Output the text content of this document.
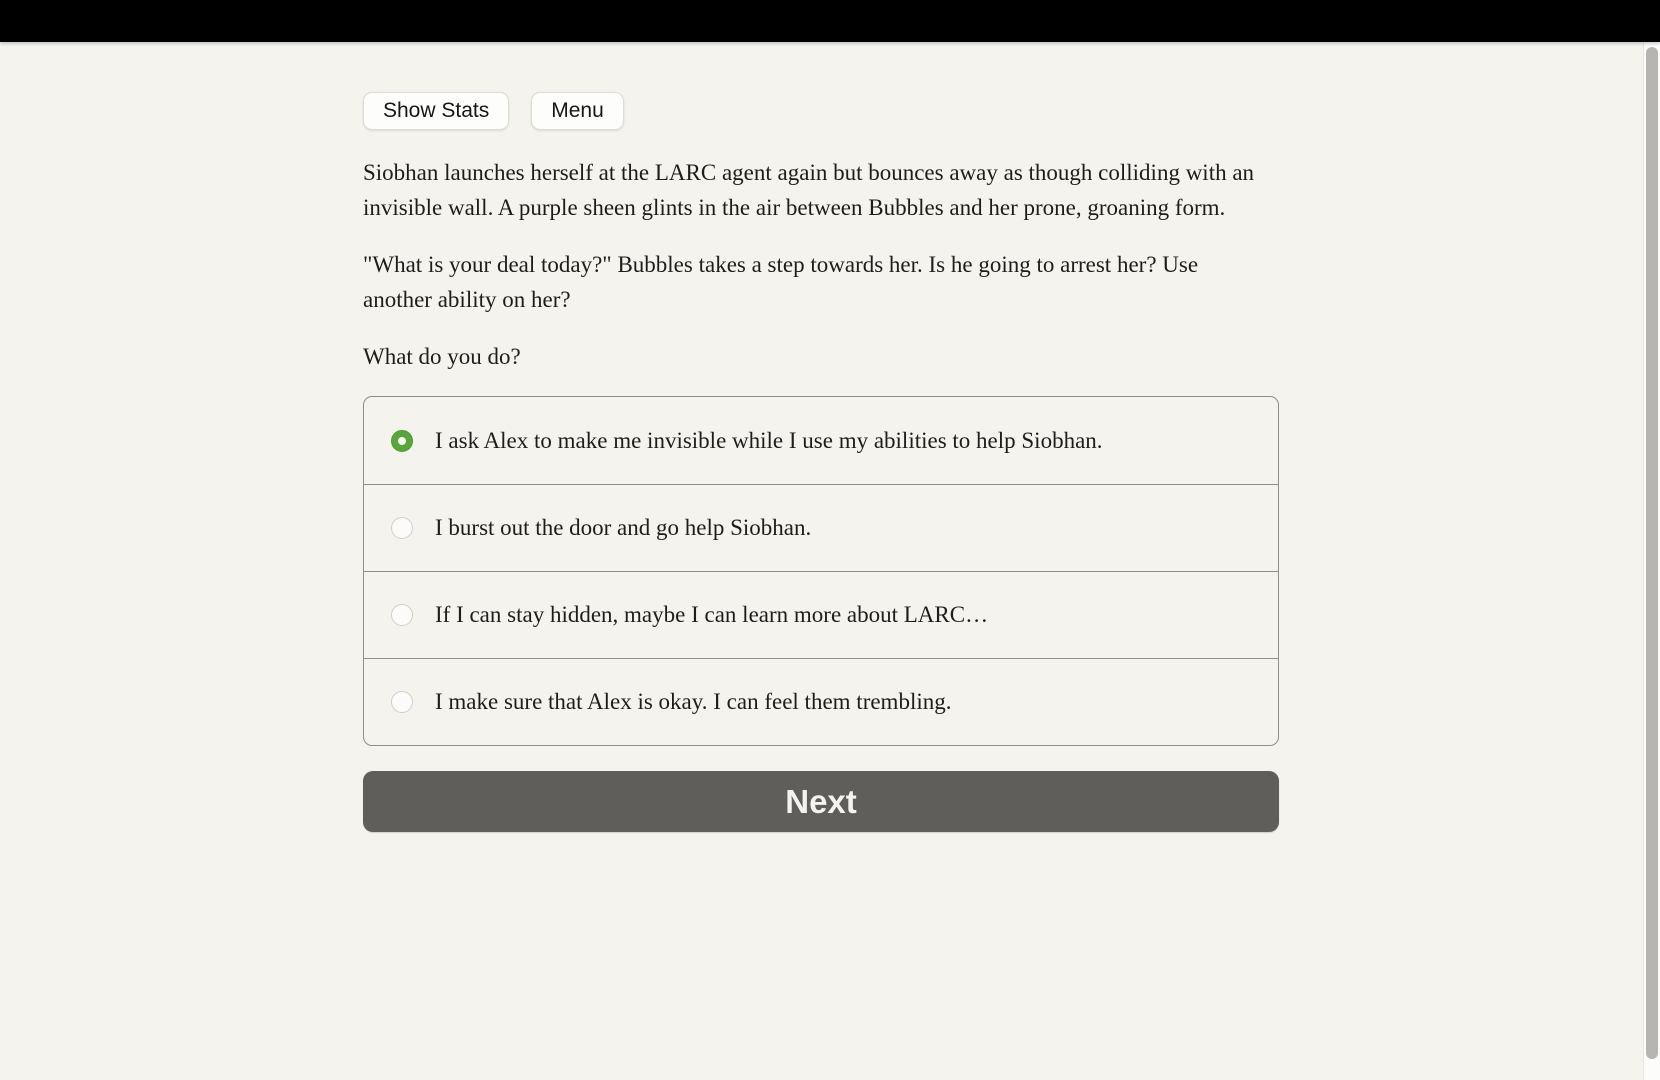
Show Stats	Menu

Siobhan launches herself at the LARC agent again but bounces away as though colliding with an invisible wall. A purple sheen glints in the air between Bubbles and her prone, groaning form.

"What is your deal today?" Bubbles takes a step towards her. Is he going to arrest her? Use another ability on her?

What do you do?

I ask Alex to make me invisible while I use my abilities to help Siobhan.
I burst out the door and go help Siobhan.
If I can stay hidden, maybe I can learn more about LARC…
I make sure that Alex is okay. I can feel them trembling.
Next
